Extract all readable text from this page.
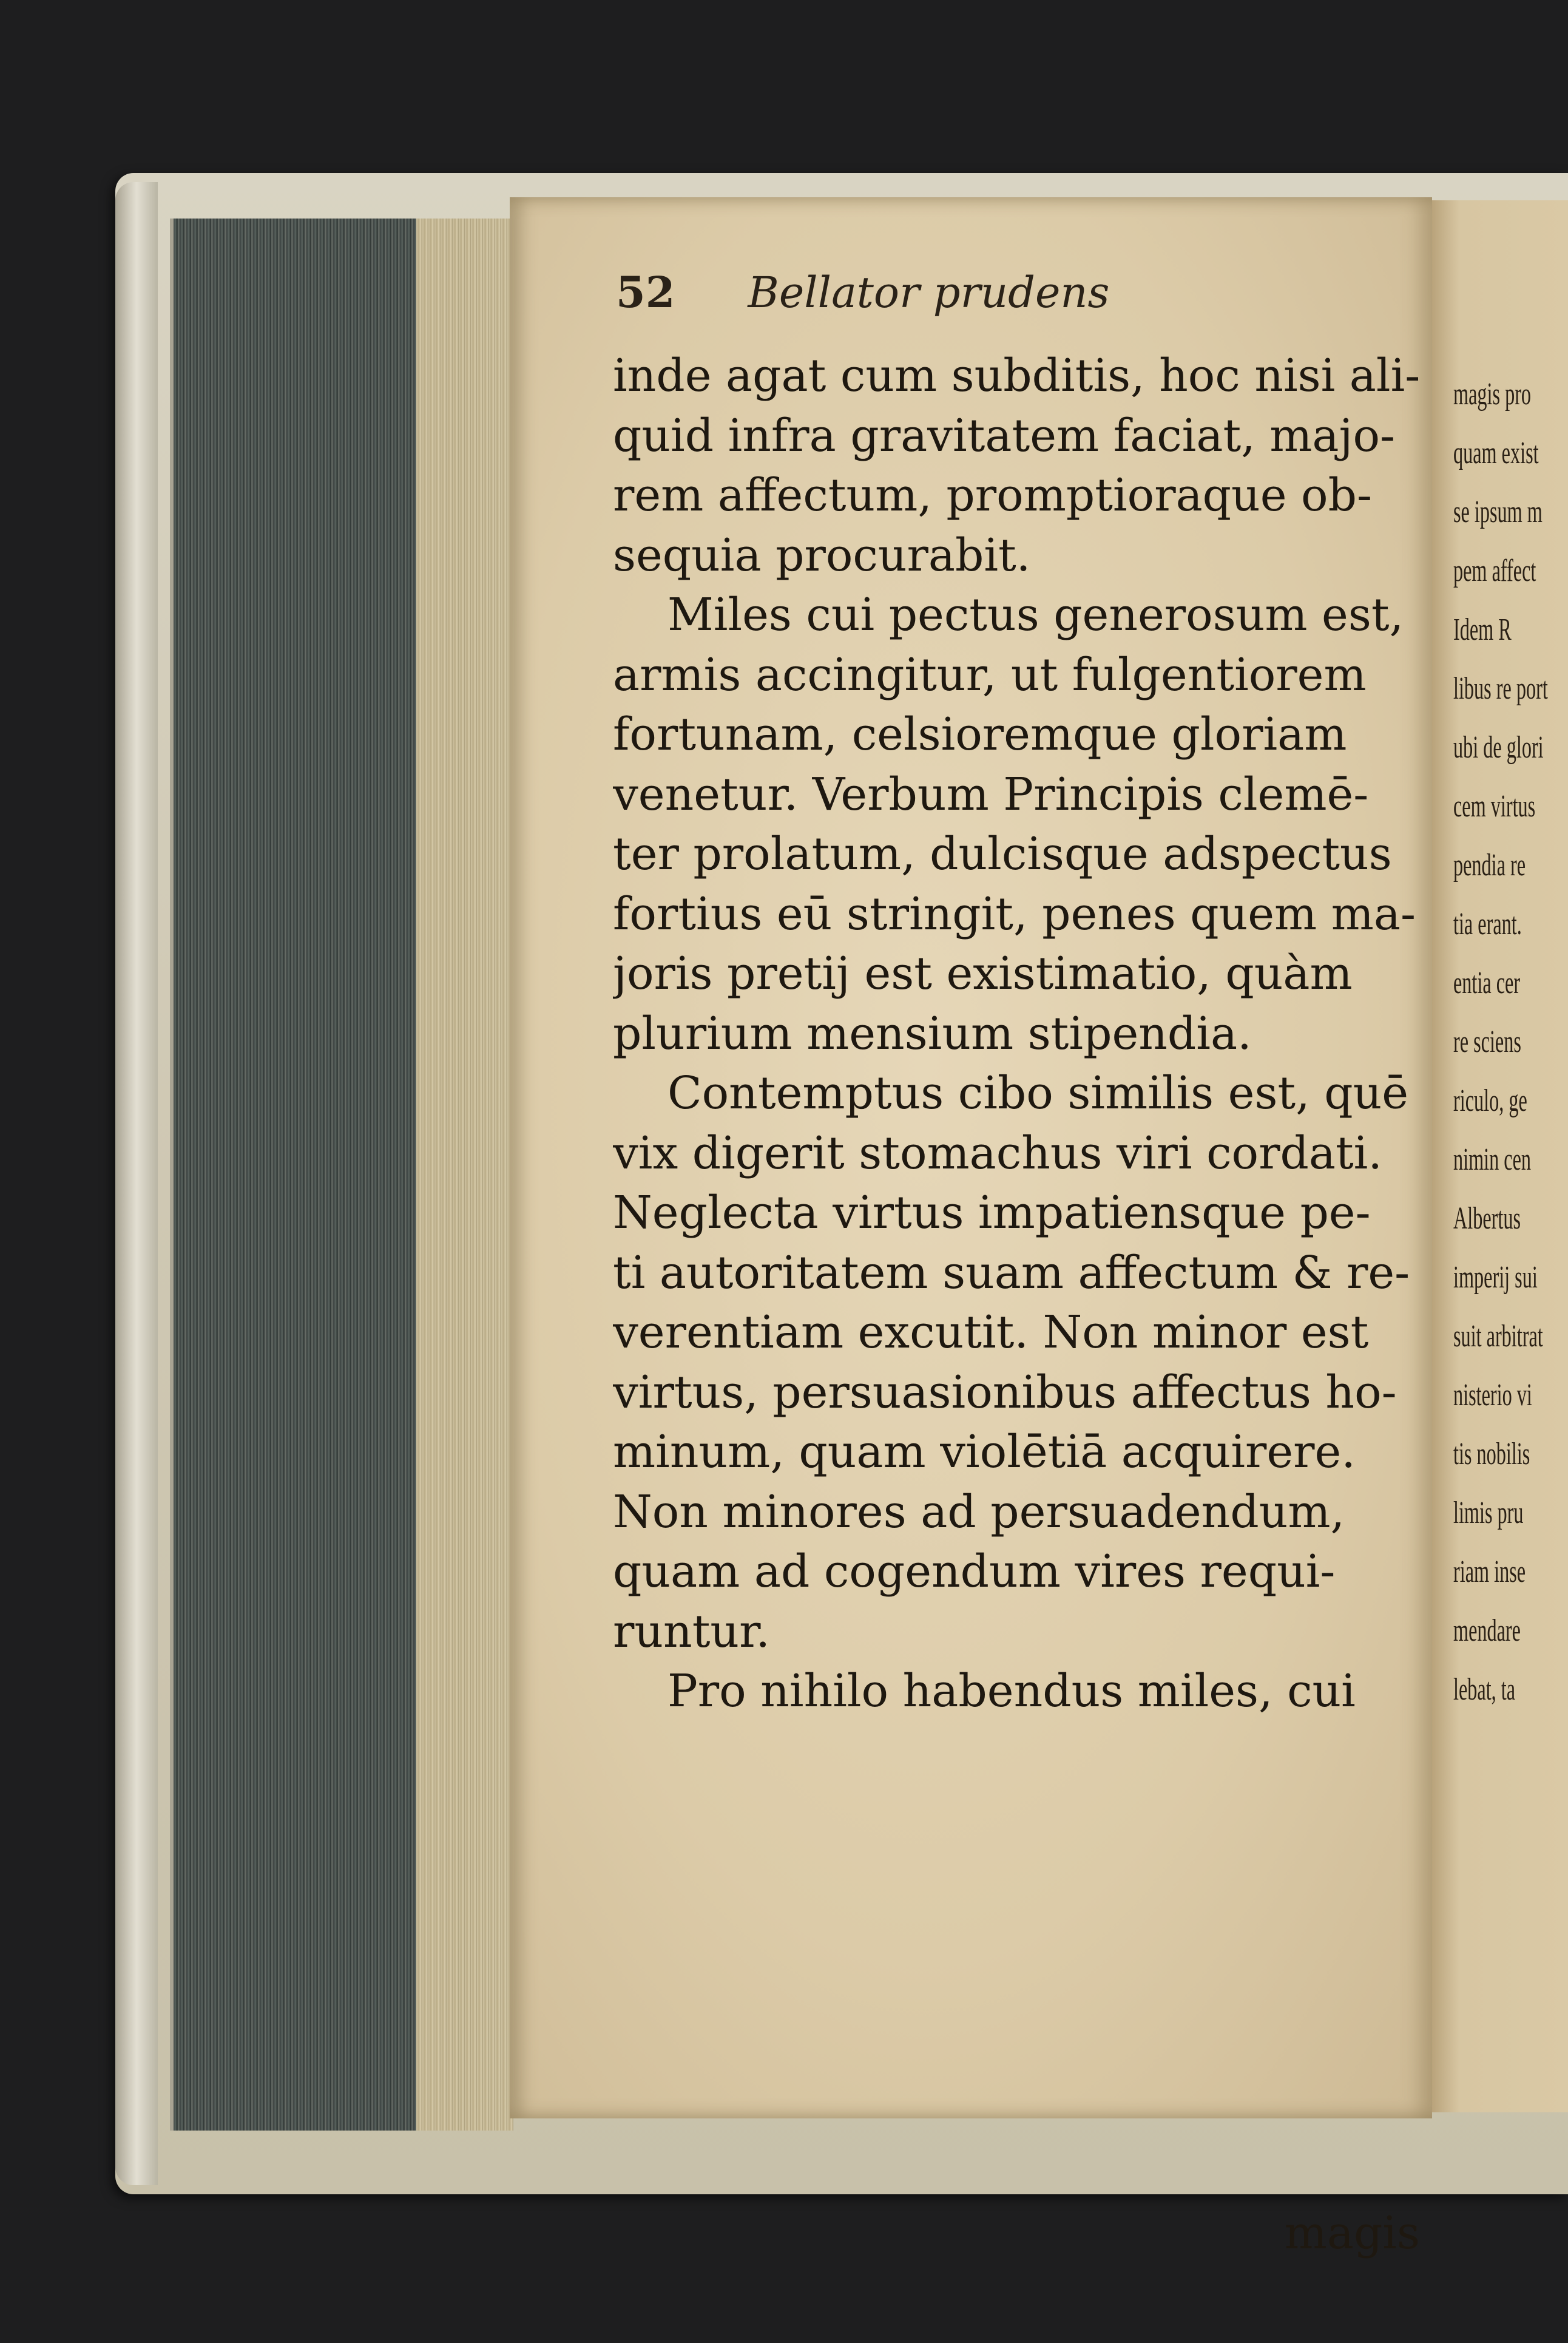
magis pro
quam exist
se ipsum m
pem affect
Idem R
libus re port
ubi de glori
cem virtus
pendia re
tia erant.
entia cer
re sciens
riculo, ge
nimin cen
Albertus
imperij sui
suit arbitrat
nisterio vi
tis nobilis
limis pru
riam inse
mendare
lebat, ta
52 Bellator prudens
inde agat cum subditis, hoc nisi ali-
quid infra gravitatem faciat, majo-
rem affectum, promptioraque ob-
sequia procurabit.
Miles cui pectus generosum est,
armis accingitur, ut fulgentiorem
fortunam, celsioremque gloriam
venetur. Verbum Principis clemē-
ter prolatum, dulcisque adspectus
fortius eū stringit, penes quem ma-
joris pretij est existimatio, quàm
plurium mensium stipendia.
Contemptus cibo similis est, quē
vix digerit stomachus viri cordati.
Neglecta virtus impatiensque pe-
ti autoritatem suam affectum & re-
verentiam excutit. Non minor est
virtus, persuasionibus affectus ho-
minum, quam violētiā acquirere.
Non minores ad persuadendum,
quam ad cogendum vires requi-
runtur.
Pro nihilo habendus miles, cui
magis
